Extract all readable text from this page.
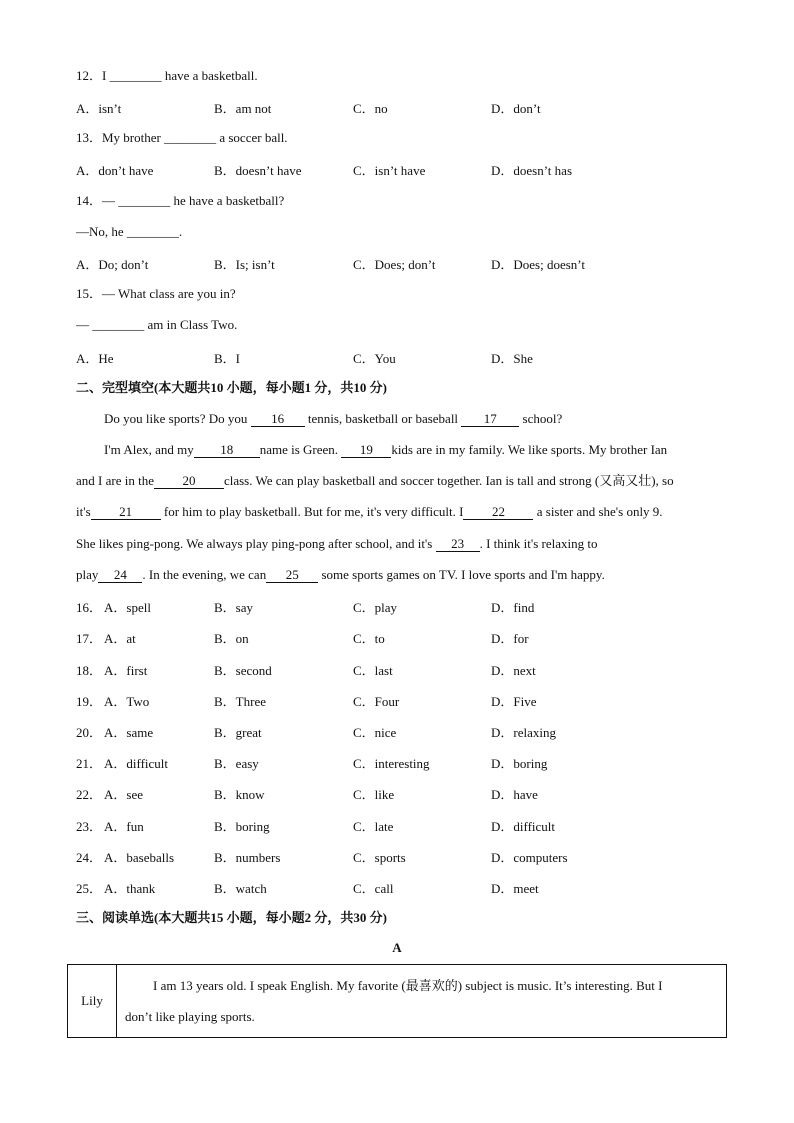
12．I ________ have a basketball.
A．isn’t	B．am not	C．no	D．don’t
13．My brother ________ a soccer ball.
A．don’t have	B．doesn’t have	C．isn’t have	D．doesn’t has
14．— ________ he have a basketball?
—No, he ________.
A．Do; don’t	B．Is; isn’t	C．Does; don’t	D．Does; doesn’t
15．— What class are you in?
— ________ am in Class Two.
A．He	B．I	C．You	D．She
二、完型填空(本大题共10 小题，每小题1 分，共10 分)
Do you like sports? Do you 16 tennis, basketball or baseball 17 school?
I'm Alex, and my 18 name is Green. 19 kids are in my family. We like sports. My brother Ian
and I are in the 20 class. We can play basketball and soccer together. Ian is tall and strong (又高又壮), so
it's 21 for him to play basketball. But for me, it's very difficult. I 22 a sister and she's only 9.
She likes ping-pong. We always play ping-pong after school, and it's 23 . I think it's relaxing to
play 24 . In the evening, we can 25 some sports games on TV. I love sports and I'm happy.
16． A．spell	B．say	C．play	D．find
17． A．at	B．on	C．to	D．for
18． A．first	B．second	C．last	D．next
19． A．Two	B．Three	C．Four	D．Five
20． A．same	B．great	C．nice	D．relaxing
21． A．difficult	B．easy	C．interesting	D．boring
22． A．see	B．know	C．like	D．have
23． A．fun	B．boring	C．late	D．difficult
24． A．baseballs	B．numbers	C．sports	D．computers
25． A．thank	B．watch	C．call	D．meet
三、阅读单选(本大题共15 小题，每小题2 分，共30 分)
A
Lily	
I am 13 years old. I speak English. My favorite (最喜欢的) subject is music. It’s interesting. But I
don’t like playing sports.
